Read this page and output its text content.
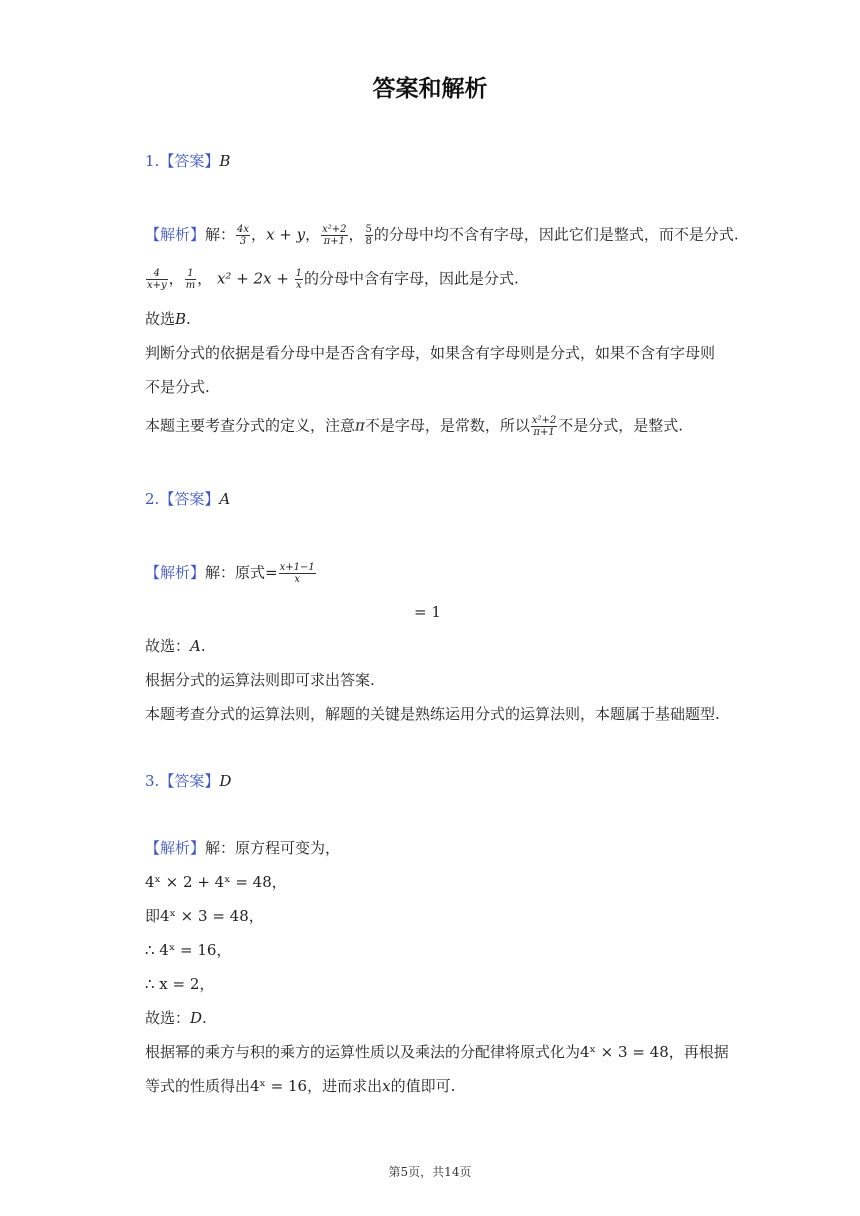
答案和解析
1.【答案】B
【解析】解： $\frac{4x}{3}$ ，x + y， $\frac{\text{x²+2}}{\pi+1}$ ， $\frac{5}{8}$ 的分母中均不含有字母，因此它们是整式，而不是分式.
$\frac{4}{x+y}$ ， $\frac{1}{m}$ ， $x^2 + 2x + \frac{1}{x}$ 的分母中含有字母，因此是分式.
故选B.
判断分式的依据是看分母中是否含有字母，如果含有字母则是分式，如果不含有字母则
不是分式.
本题主要考查分式的定义，注意π不是字母，是常数，所以 $\frac{\text{x²+2}}{\pi+1}$ 不是分式，是整式.
2.【答案】A
【解析】解：原式= $\frac{x+1-1}{x}$
= 1
故选：A.
根据分式的运算法则即可求出答案.
本题考查分式的运算法则，解题的关键是熟练运用分式的运算法则，本题属于基础题型.
3.【答案】D
【解析】解：原方程可变为，
4ˣ × 2 + 4ˣ = 48，
即4ˣ × 3 = 48，
∴ 4ˣ = 16，
∴ x = 2，
故选：D.
根据幂的乘方与积的乘方的运算性质以及乘法的分配律将原式化为4ˣ × 3 = 48，再根据
等式的性质得出4ˣ = 16，进而求出x的值即可.
第5页，共14页
